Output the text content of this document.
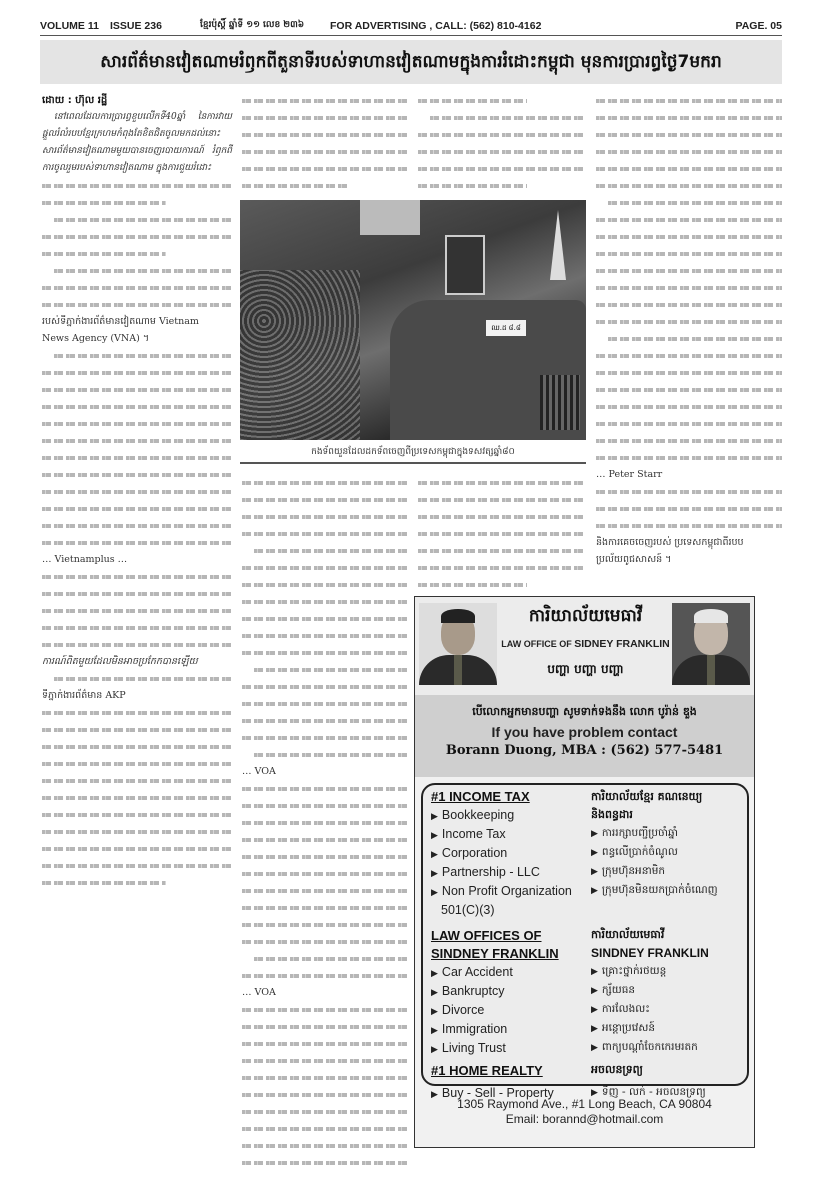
VOLUME 11	ISSUE 236	ខ្មែរប៉ុស្តិ៍ ឆ្នាំទី ១១ លេខ ២៣៦	FOR ADVERTISING , CALL: (562) 810-4162	PAGE. 05
សារព័ត៌មានវៀតណាមរំឭកពីតួនាទីរបស់ទាហានវៀតណាមក្នុងការរំដោះកម្ពុជា មុនការប្រារព្ធថ្ងៃ7មករា
ដោយ : ហ៊ុល រដ្ឋី

នៅពេលដែលការប្រារព្ធខួបលើកទី40ឆ្នាំ នៃការវាយផ្តួលរំលំរបបខ្មែរក្រហមកំពុងតែខិតជិតចូលមកដល់នោះ សារព័ត៌មានវៀតណាមមួយបានចេញរបាយការណ៍ រំឭកពីការចូលរួមរបស់ទាហានវៀតណាម ក្នុងការជួយរំដោះ

របស់ទីភ្នាក់ងារព័ត៌មានវៀតណាម Vietnam
News Agency (VNA) ។
… Vietnamplus …
ការណ៍ពិតមួយដែលមិនអាចប្រកែកបានឡើយ
ទីភ្នាក់ងារព័ត៌មាន AKP
ឈ.ដ ៨.៨
កងទ័ពយួនដែលដកទ័ពចេញពីប្រទេសកម្ពុជាក្នុងទសវត្សឆ្នាំ៨០
… VOA
… VOA
… Peter Starr
និងការគេចចេញរបស់ ប្រទេសកម្ពុជាពីរបបប្រល័យពូជសាសន៍ ។
ការិយាល័យមេធាវី
LAW OFFICE OF SIDNEY FRANKLIN
បញ្ហា បញ្ហា បញ្ហា
បើលោកអ្នកមានបញ្ហា សូមទាក់ទងនឹង លោក បូរ៉ាន់ ឌួង
If you have problem contact
Borann Duong, MBA : (562) 577-5481
#1 INCOME TAX
▶ Bookkeeping
▶ Income Tax
▶ Corporation
▶ Partnership - LLC
▶ Non Profit Organization
501(C)(3)
LAW OFFICES OF
SINDNEY FRANKLIN
▶ Car Accident
▶ Bankruptcy
▶ Divorce
▶ Immigration
▶ Living Trust
#1 HOME REALTY
▶ Buy - Sell - Property
ការិយាល័យខ្មែរ គណនេយ្យ
និងពន្ធដារ
▶ ការរក្សាបញ្ជីប្រចាំឆ្នាំ
▶ ពន្ធលើប្រាក់ចំណូល
▶ ក្រុមហ៊ុនអនាមិក
▶ ក្រុមហ៊ុនមិនយកប្រាក់ចំណេញ
ការិយាល័យមេធាវី
SINDNEY FRANKLIN
▶ គ្រោះថ្នាក់រថយន្ត
▶ ក្ស័យធន
▶ ការលែងលះ
▶ អន្តោប្រវេសន៍
▶ ពាក្យបណ្តាំចែកកេរមរតក
អចលនទ្រព្យ
▶ ទិញ - លក់ - អចលនទ្រព្យ
1305 Raymond Ave., #1 Long Beach, CA 90804
Email: borannd@hotmail.com
